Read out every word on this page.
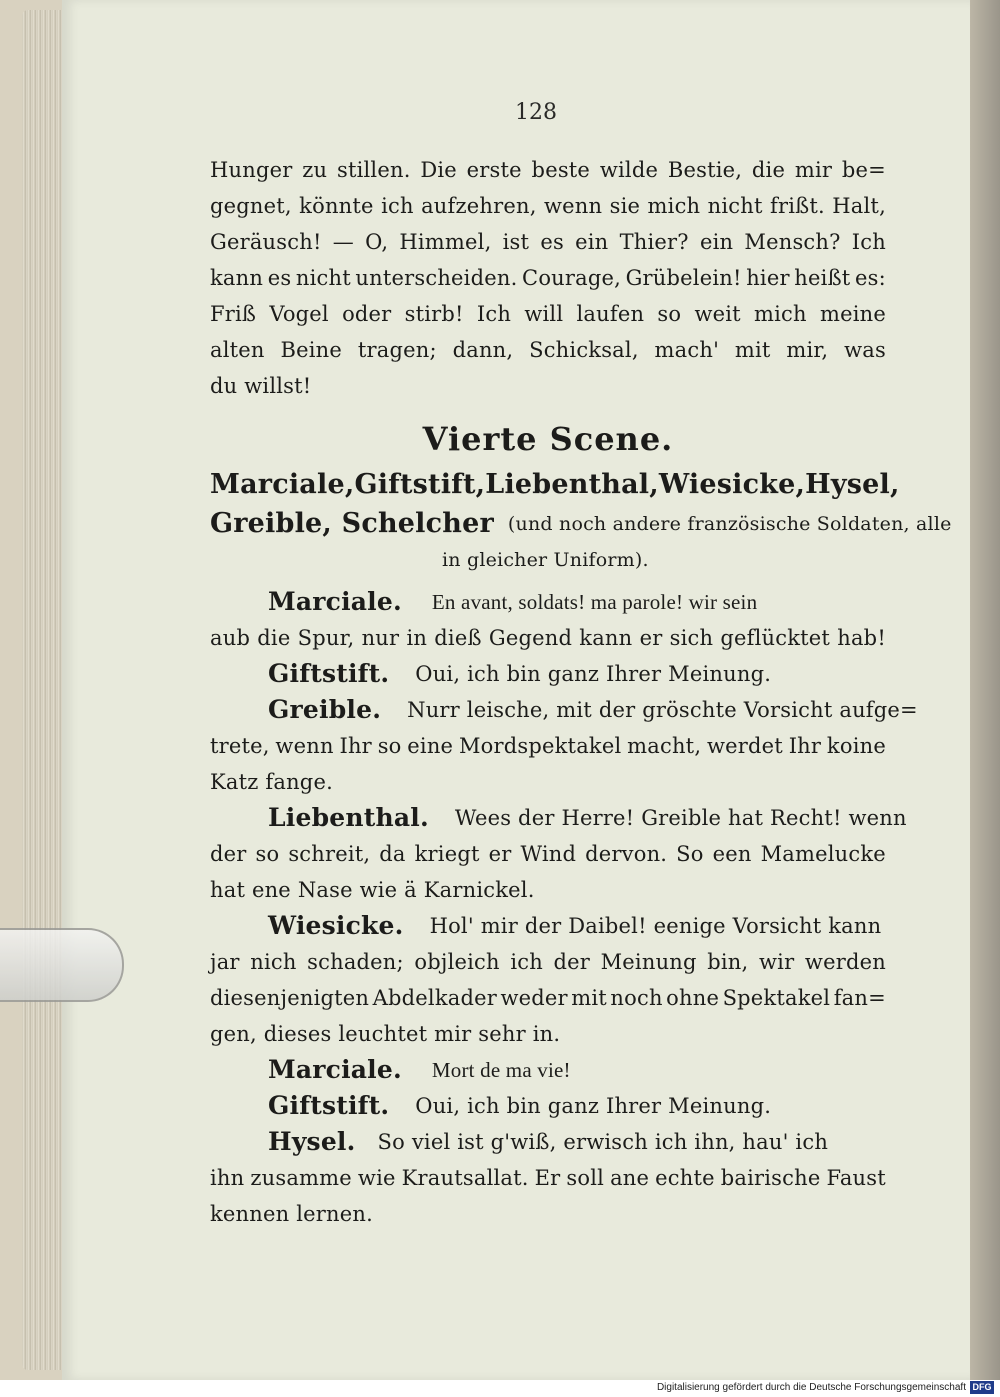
128
Hunger zu stillen. Die erste beste wilde Bestie, die mir be=
gegnet, könnte ich aufzehren, wenn sie mich nicht frißt. Halt,
Geräusch! — O, Himmel, ist es ein Thier? ein Mensch? Ich
kann es nicht unterscheiden. Courage, Grübelein! hier heißt es:
Friß Vogel oder stirb! Ich will laufen so weit mich meine
alten Beine tragen; dann, Schicksal, mach' mit mir, was
du willst!
Vierte Scene.
Marciale, Giftstift, Liebenthal, Wiesicke, Hysel,
Greible, Schelcher (und noch andere französische Soldaten, alle
in gleicher Uniform).
Marciale. En avant, soldats! ma parole! wir sein
aub die Spur, nur in dieß Gegend kann er sich geflücktet hab!
Giftstift. Oui, ich bin ganz Ihrer Meinung.
Greible. Nurr leische, mit der gröschte Vorsicht aufge=
trete, wenn Ihr so eine Mordspektakel macht, werdet Ihr koine
Katz fange.
Liebenthal. Wees der Herre! Greible hat Recht! wenn
der so schreit, da kriegt er Wind dervon. So een Mamelucke
hat ene Nase wie ä Karnickel.
Wiesicke. Hol' mir der Daibel! eenige Vorsicht kann
jar nich schaden; objleich ich der Meinung bin, wir werden
diesenjenigten Abdelkader weder mit noch ohne Spektakel fan=
gen, dieses leuchtet mir sehr in.
Marciale. Mort de ma vie!
Giftstift. Oui, ich bin ganz Ihrer Meinung.
Hysel. So viel ist g'wiß, erwisch ich ihn, hau' ich
ihn zusamme wie Krautsallat. Er soll ane echte bairische Faust
kennen lernen.
Digitalisierung gefördert durch die Deutsche Forschungsgemeinschaft DFG
